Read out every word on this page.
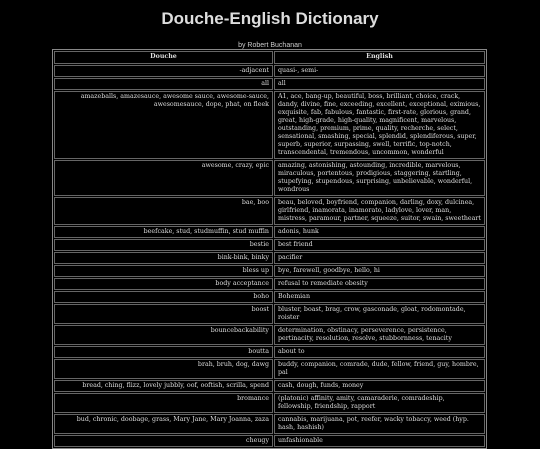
Douche-English Dictionary
by Robert Buchanan
Douche	English
-adjacent	quasi-, semi-
all	all
amazeballs, amazesauce, awesome sauce, awesome-sauce, awesomesauce, dope, phat, on fleek	A1, ace, bang-up, beautiful, boss, brilliant, choice, crack, dandy, divine, fine, exceeding, excellent, exceptional, eximious, exquisite, fab, fabulous, fantastic, first-rate, glorious, grand, great, high-grade, high-quality, magnificent, marvelous, outstanding, premium, prime, quality, recherche, select, sensational, smashing, special, splendid, splendiferous, super, superb, superior, surpassing, swell, terrific, top-notch, transcendental, tremendous, uncommon, wonderful
awesome, crazy, epic	amazing, astonishing, astounding, incredible, marvelous, miraculous, portentous, prodigious, staggering, startling, stupefying, stupendous, surprising, unbelievable, wonderful, wondrous
bae, boo	beau, beloved, boyfriend, companion, darling, doxy, dulcinea, girlfriend, inamorata, inamorato, ladylove, lover, man, mistress, paramour, partner, squeeze, suitor, swain, sweetheart
beefcake, stud, studmuffin, stud muffin	adonis, hunk
bestie	best friend
bink-bink, binky	pacifier
bless up	bye, farewell, goodbye, hello, hi
body acceptance	refusal to remediate obesity
boho	Bohemian
boost	bluster, boast, brag, crow, gasconade, gloat, rodomontade, roister
bouncebackability	determination, obstinacy, perseverence, persistence, pertinacity, resolution, resolve, stubbornness, tenacity
boutta	about to
brah, bruh, dog, dawg	buddy, companion, comrade, dude, fellow, friend, guy, hombre, pal
bread, ching, flizz, lovely jubbly, oof, ooftish, scrilla, spend	cash, dough, funds, money
bromance	(platonic) affinity, amity, camaraderie, comradeship, fellowship, friendship, rapport
bud, chronic, doobage, grass, Mary Jane, Mary Joanna, zaza	cannabis, marijuana, pot, reefer, wacky tobaccy, weed (hyp. hash, hashish)
cheugy	unfashionable
